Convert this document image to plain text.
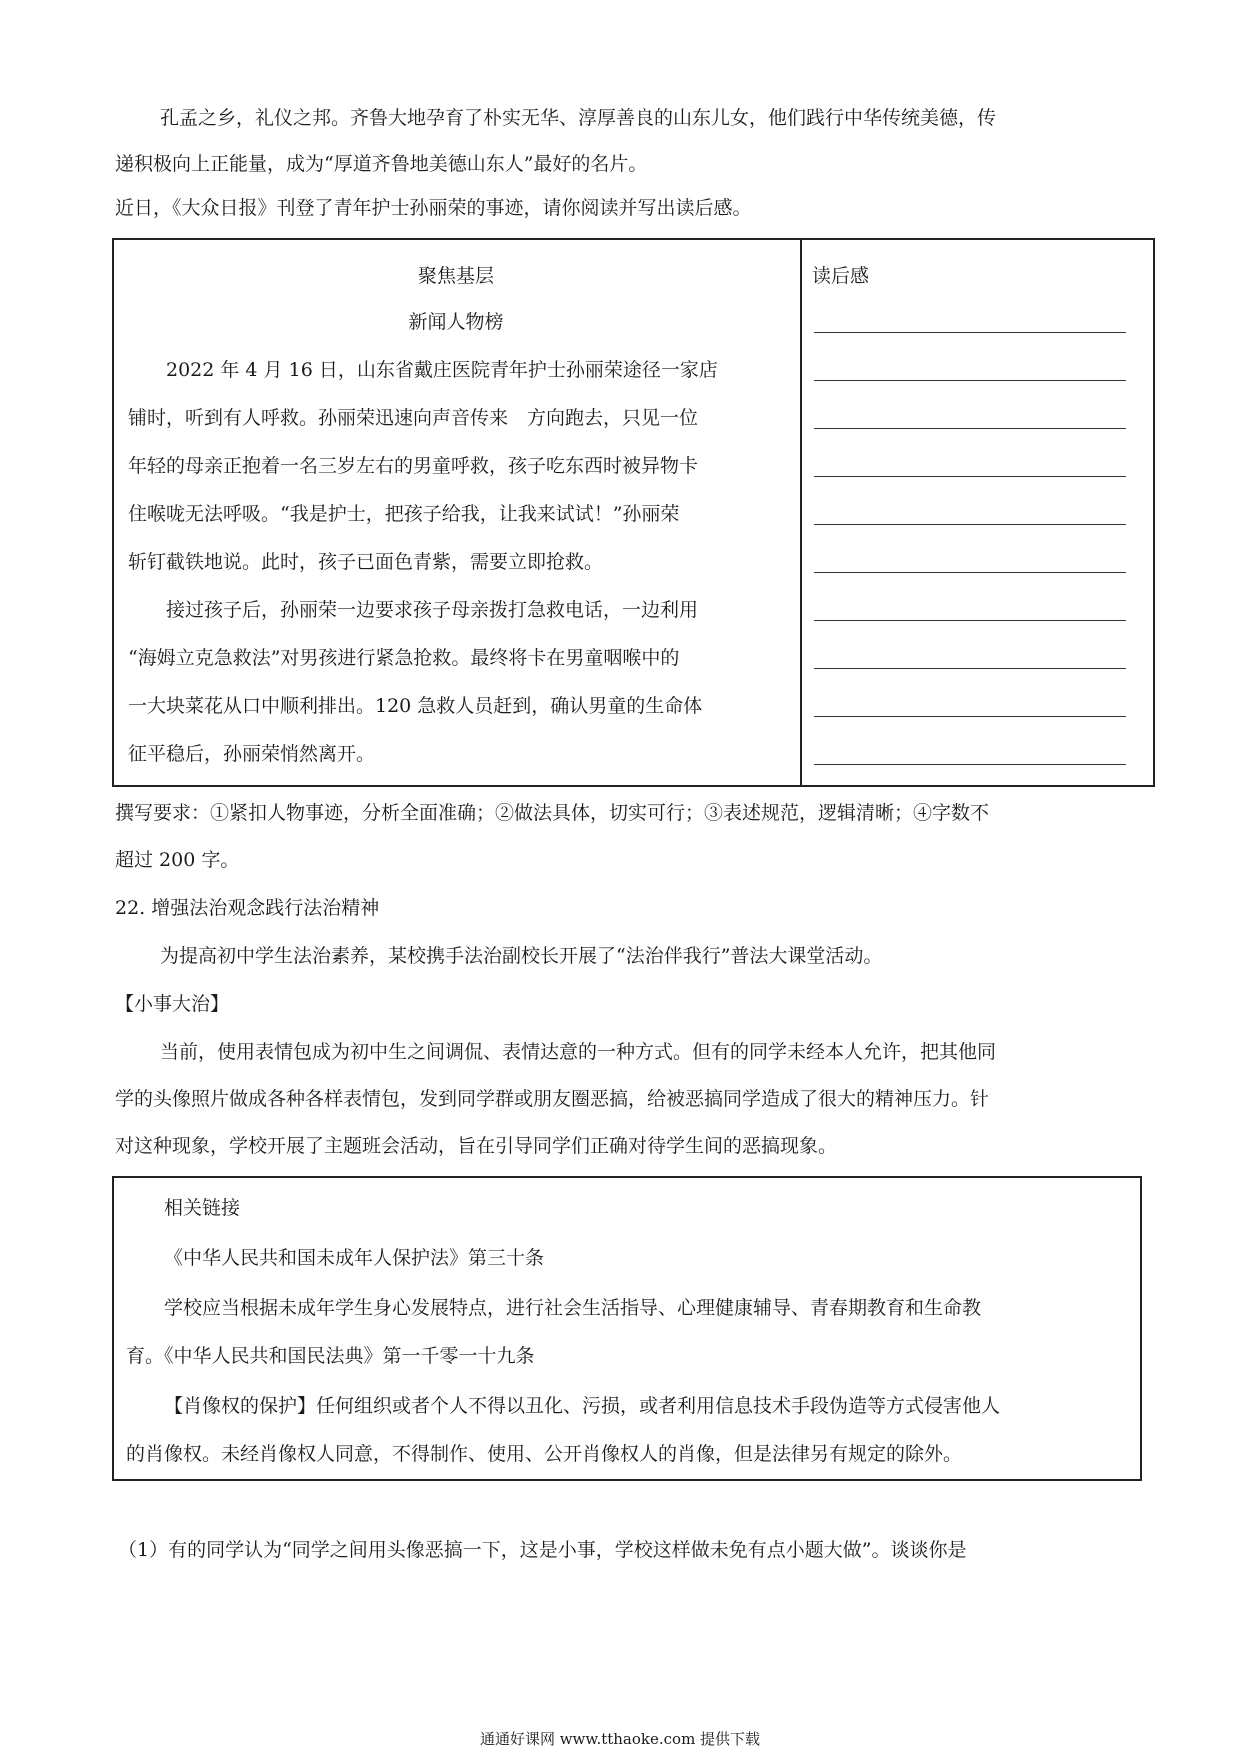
孔孟之乡，礼仪之邦。齐鲁大地孕育了朴实无华、淳厚善良的山东儿女，他们践行中华传统美德，传
递积极向上正能量，成为“厚道齐鲁地美德山东人”最好的名片。
近日，《大众日报》刊登了青年护士孙丽荣的事迹，请你阅读并写出读后感。
聚焦基层
新闻人物榜
2022 年 4 月 16 日，山东省戴庄医院青年护士孙丽荣途径一家店
铺时，听到有人呼救。孙丽荣迅速向声音传来　方向跑去，只见一位
年轻的母亲正抱着一名三岁左右的男童呼救，孩子吃东西时被异物卡
住喉咙无法呼吸。“我是护士，把孩子给我，让我来试试！”孙丽荣
斩钉截铁地说。此时，孩子已面色青紫，需要立即抢救。
接过孩子后，孙丽荣一边要求孩子母亲拨打急救电话，一边利用
“海姆立克急救法”对男孩进行紧急抢救。最终将卡在男童咽喉中的
一大块菜花从口中顺利排出。120 急救人员赶到，确认男童的生命体
征平稳后，孙丽荣悄然离开。
读后感
撰写要求：①紧扣人物事迹，分析全面准确；②做法具体，切实可行；③表述规范，逻辑清晰；④字数不
超过 200 字。
22. 增强法治观念践行法治精神
为提高初中学生法治素养，某校携手法治副校长开展了“法治伴我行”普法大课堂活动。
【小事大治】
当前，使用表情包成为初中生之间调侃、表情达意的一种方式。但有的同学未经本人允许，把其他同
学的头像照片做成各种各样表情包，发到同学群或朋友圈恶搞，给被恶搞同学造成了很大的精神压力。针
对这种现象，学校开展了主题班会活动，旨在引导同学们正确对待学生间的恶搞现象。
相关链接
《中华人民共和国未成年人保护法》第三十条
学校应当根据未成年学生身心发展特点，进行社会生活指导、心理健康辅导、青春期教育和生命教
育。《中华人民共和国民法典》第一千零一十九条
【肖像权的保护】任何组织或者个人不得以丑化、污损，或者利用信息技术手段伪造等方式侵害他人
的肖像权。未经肖像权人同意，不得制作、使用、公开肖像权人的肖像，但是法律另有规定的除外。
（1）有的同学认为“同学之间用头像恶搞一下，这是小事，学校这样做未免有点小题大做”。谈谈你是
通通好课网 www.tthaoke.com 提供下载
